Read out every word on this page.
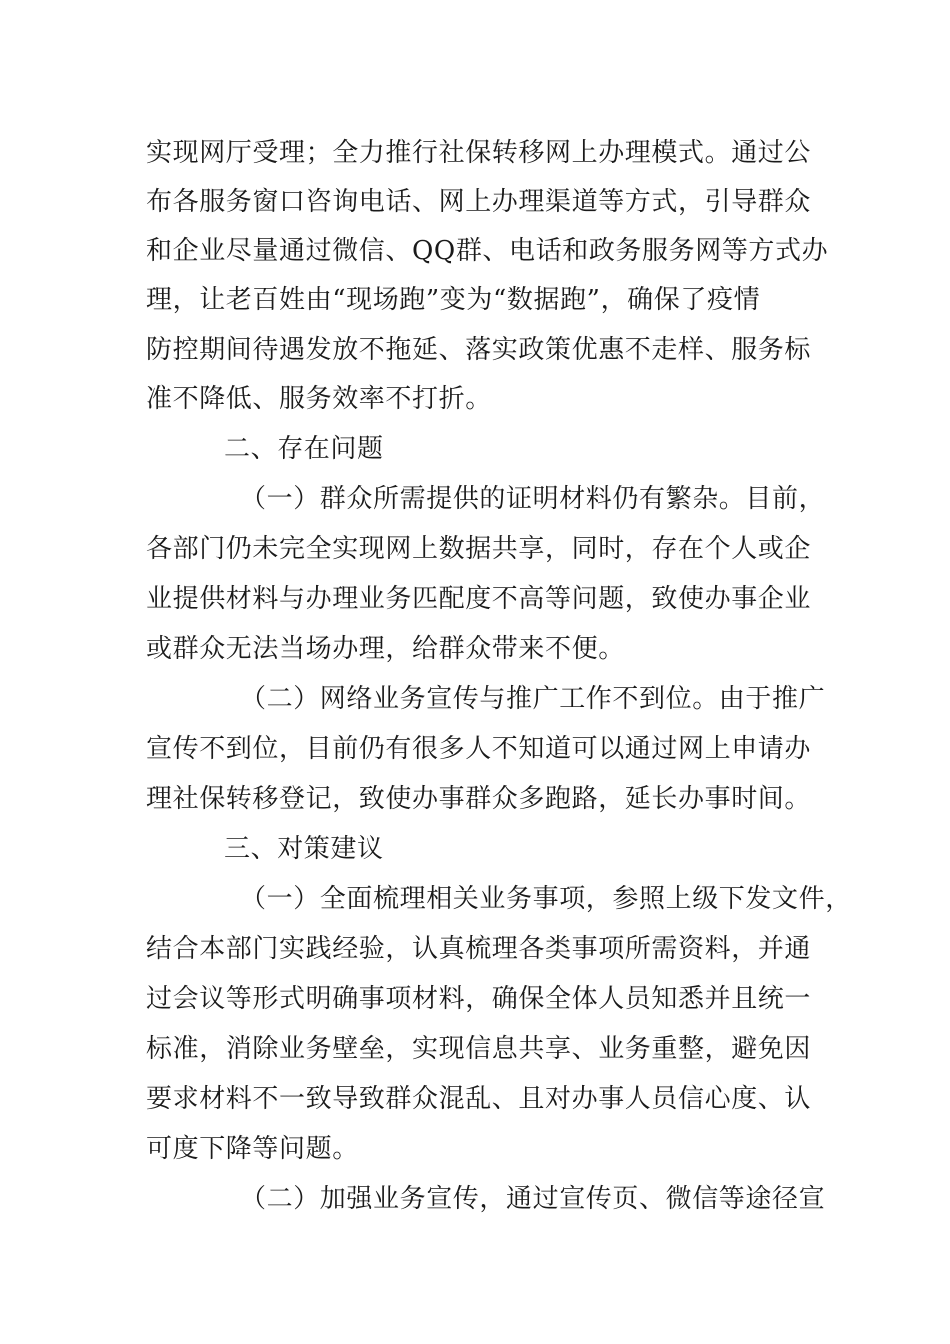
实现网厅受理；全力推行社保转移网上办理模式。通过公

布各服务窗口咨询电话、网上办理渠道等方式，引导群众

和企业尽量通过微信、QQ群、电话和政务服务网等方式办

理，让老百姓由“现场跑”变为“数据跑”，确保了疫情

防控期间待遇发放不拖延、落实政策优惠不走样、服务标

准不降低、服务效率不打折。

二、存在问题

（一）群众所需提供的证明材料仍有繁杂。目前，

各部门仍未完全实现网上数据共享，同时，存在个人或企

业提供材料与办理业务匹配度不高等问题，致使办事企业

或群众无法当场办理，给群众带来不便。

（二）网络业务宣传与推广工作不到位。由于推广

宣传不到位，目前仍有很多人不知道可以通过网上申请办

理社保转移登记，致使办事群众多跑路，延长办事时间。

三、对策建议

（一）全面梳理相关业务事项，参照上级下发文件，

结合本部门实践经验，认真梳理各类事项所需资料，并通

过会议等形式明确事项材料，确保全体人员知悉并且统一

标准，消除业务壁垒，实现信息共享、业务重整，避免因

要求材料不一致导致群众混乱、且对办事人员信心度、认

可度下降等问题。

（二）加强业务宣传，通过宣传页、微信等途径宣
